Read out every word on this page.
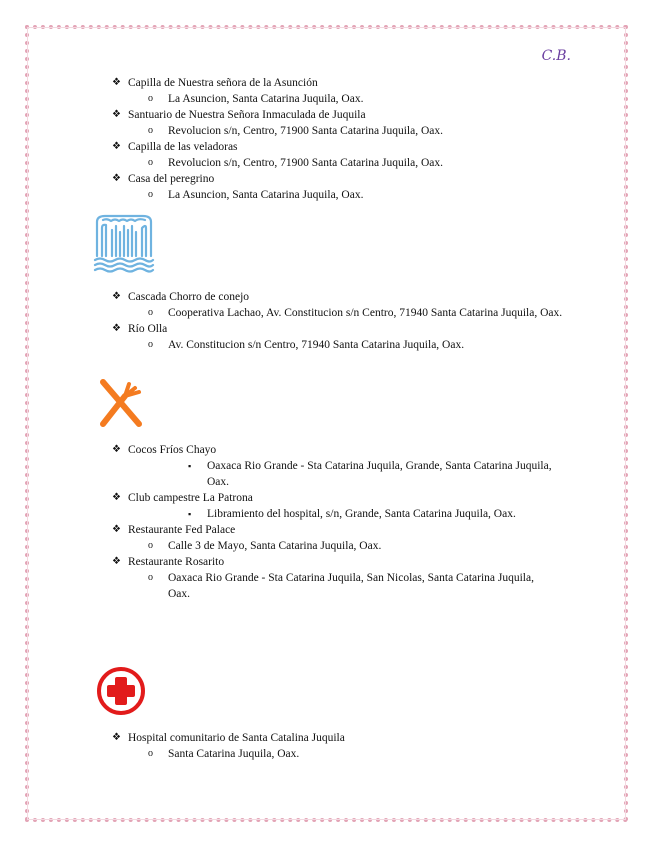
C.B.
❖ Capilla de Nuestra señora de la Asunción
o La Asuncion, Santa Catarina Juquila, Oax.
❖ Santuario de Nuestra Señora Inmaculada de Juquila
o Revolucion s/n, Centro, 71900 Santa Catarina Juquila, Oax.
❖ Capilla de las veladoras
o Revolucion s/n, Centro, 71900 Santa Catarina Juquila, Oax.
❖ Casa del peregrino
o La Asuncion, Santa Catarina Juquila, Oax.
❖ Cascada Chorro de conejo
o Cooperativa Lachao, Av. Constitucion s/n Centro, 71940 Santa Catarina Juquila, Oax.
❖ Río Olla
o Av. Constitucion s/n Centro, 71940 Santa Catarina Juquila, Oax.
❖ Cocos Fríos Chayo
▪ Oaxaca Rio Grande - Sta Catarina Juquila, Grande, Santa Catarina Juquila, Oax.
❖ Club campestre La Patrona
▪ Libramiento del hospital, s/n, Grande, Santa Catarina Juquila, Oax.
❖ Restaurante Fed Palace
o Calle 3 de Mayo, Santa Catarina Juquila, Oax.
❖ Restaurante Rosarito
o Oaxaca Rio Grande - Sta Catarina Juquila, San Nicolas, Santa Catarina Juquila, Oax.
❖ Hospital comunitario de Santa Catalina Juquila
o Santa Catarina Juquila, Oax.
